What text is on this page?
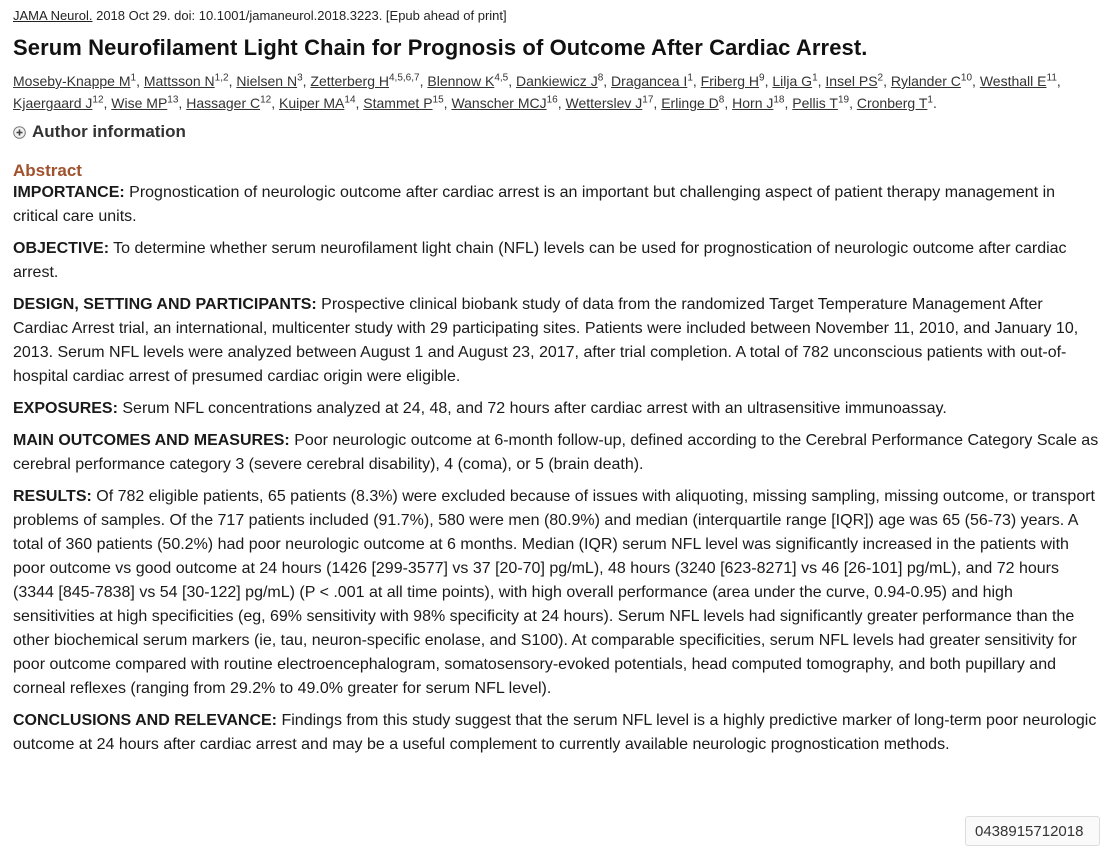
JAMA Neurol. 2018 Oct 29. doi: 10.1001/jamaneurol.2018.3223. [Epub ahead of print]
Serum Neurofilament Light Chain for Prognosis of Outcome After Cardiac Arrest.
Moseby-Knappe $M^1$, Mattsson N$^{1,2}$, Nielsen $N^3$, Zetterberg H$^{4,5,6,7}$, Blennow K$^{4,5}$, Dankiewicz $J^8$, Dragancea $I^1$, Friberg $H^9$, Lilja $G^1$, Insel $PS^2$, Rylander $C^{10}$, Westhall $E^{11}$, Kjaergaard $J^{12}$, Wise MP$^{13}$, Hassager $C^{12}$, Kuiper MA$^{14}$, Stammet $P^{15}$, Wanscher MCJ$^{16}$, Wetterslev $J^{17}$, Erlinge $D^8$, Horn $J^{18}$, Pellis $T^{19}$, Cronberg $T^1$.
Author information
Abstract

IMPORTANCE: Prognostication of neurologic outcome after cardiac arrest is an important but challenging aspect of patient therapy management in critical care units.

OBJECTIVE: To determine whether serum neurofilament light chain (NFL) levels can be used for prognostication of neurologic outcome after cardiac arrest.

DESIGN, SETTING AND PARTICIPANTS: Prospective clinical biobank study of data from the randomized Target Temperature Management After Cardiac Arrest trial, an international, multicenter study with 29 participating sites. Patients were included between November 11, 2010, and January 10, 2013. Serum NFL levels were analyzed between August 1 and August 23, 2017, after trial completion. A total of 782 unconscious patients with out-of-hospital cardiac arrest of presumed cardiac origin were eligible.

EXPOSURES: Serum NFL concentrations analyzed at 24, 48, and 72 hours after cardiac arrest with an ultrasensitive immunoassay.

MAIN OUTCOMES AND MEASURES: Poor neurologic outcome at 6-month follow-up, defined according to the Cerebral Performance Category Scale as cerebral performance category 3 (severe cerebral disability), 4 (coma), or 5 (brain death).

RESULTS: Of 782 eligible patients, 65 patients (8.3%) were excluded because of issues with aliquoting, missing sampling, missing outcome, or transport problems of samples. Of the 717 patients included (91.7%), 580 were men (80.9%) and median (interquartile range [IQR]) age was 65 (56-73) years. A total of 360 patients (50.2%) had poor neurologic outcome at 6 months. Median (IQR) serum NFL level was significantly increased in the patients with poor outcome vs good outcome at 24 hours (1426 [299-3577] vs 37 [20-70] pg/mL), 48 hours (3240 [623-8271] vs 46 [26-101] pg/mL), and 72 hours (3344 [845-7838] vs 54 [30-122] pg/mL) (P < .001 at all time points), with high overall performance (area under the curve, 0.94-0.95) and high sensitivities at high specificities (eg, 69% sensitivity with 98% specificity at 24 hours). Serum NFL levels had significantly greater performance than the other biochemical serum markers (ie, tau, neuron-specific enolase, and S100). At comparable specificities, serum NFL levels had greater sensitivity for poor outcome compared with routine electroencephalogram, somatosensory-evoked potentials, head computed tomography, and both pupillary and corneal reflexes (ranging from 29.2% to 49.0% greater for serum NFL level).

CONCLUSIONS AND RELEVANCE: Findings from this study suggest that the serum NFL level is a highly predictive marker of long-term poor neurologic outcome at 24 hours after cardiac arrest and may be a useful complement to currently available neurologic prognostication methods.

0438915712018
